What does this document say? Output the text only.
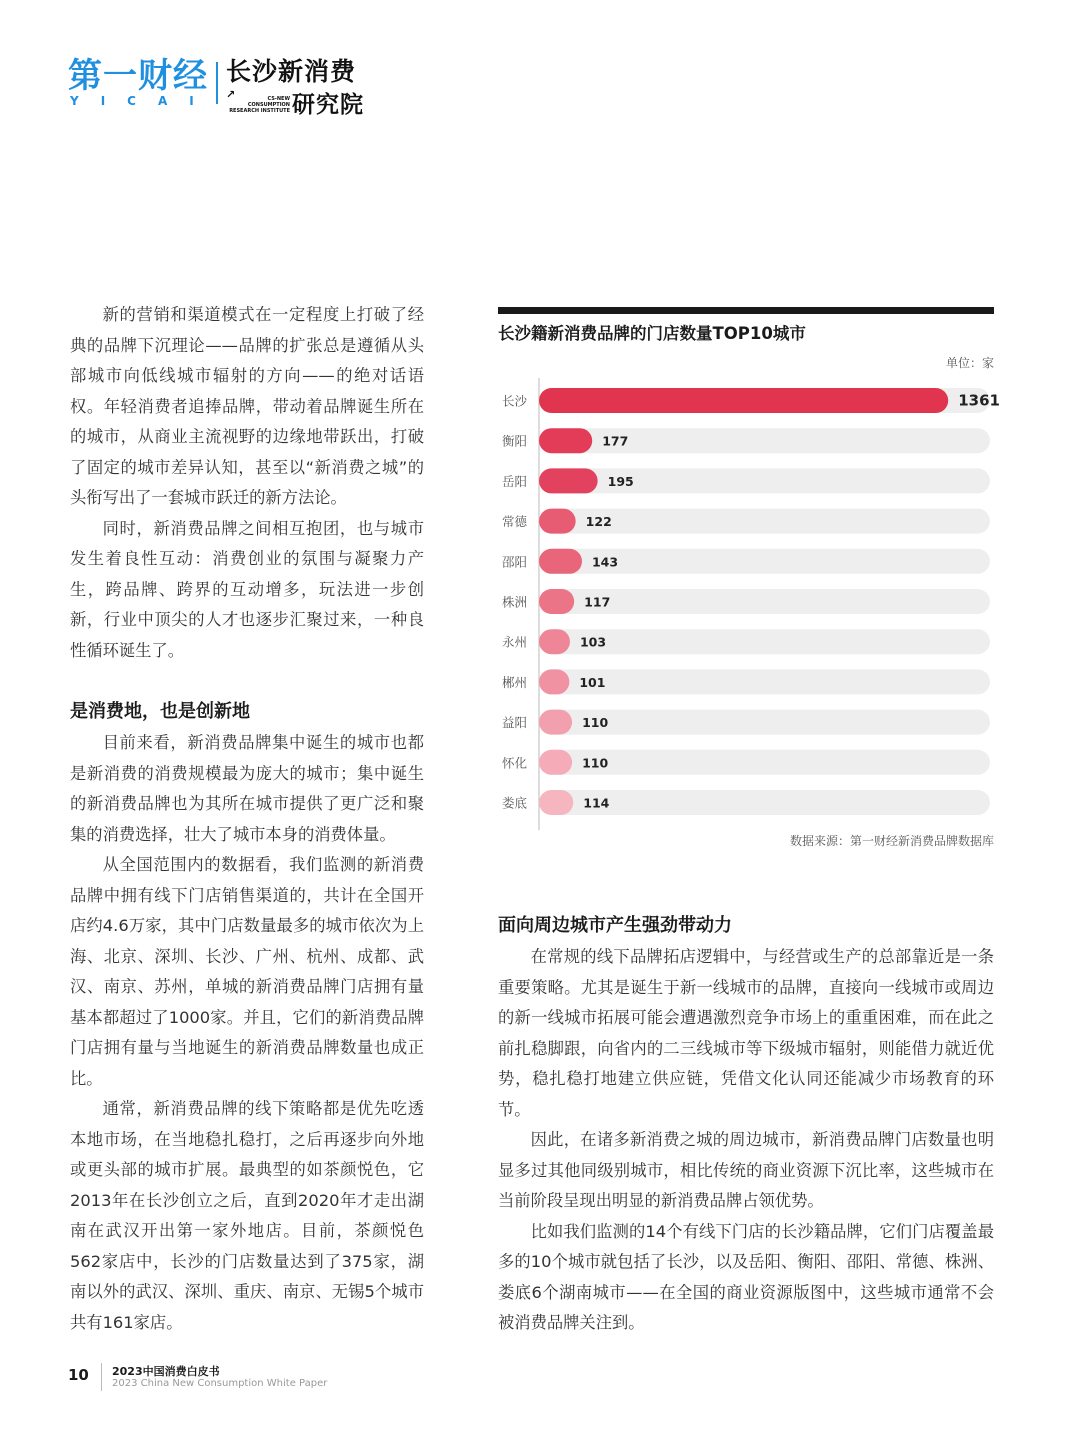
第一财经
YICAI
长沙新消费
↗	CS-NEW CONSUMPTION RESEARCH INSTITUTE 研究院

新的营销和渠道模式在一定程度上打破了经典的品牌下沉理论——品牌的扩张总是遵循从头部城市向低线城市辐射的方向——的绝对话语权。年轻消费者追捧品牌，带动着品牌诞生所在的城市，从商业主流视野的边缘地带跃出，打破了固定的城市差异认知，甚至以“新消费之城”的头衔写出了一套城市跃迁的新方法论。

同时，新消费品牌之间相互抱团，也与城市发生着良性互动：消费创业的氛围与凝聚力产生，跨品牌、跨界的互动增多，玩法进一步创新，行业中顶尖的人才也逐步汇聚过来，一种良性循环诞生了。

是消费地，也是创新地

目前来看，新消费品牌集中诞生的城市也都是新消费的消费规模最为庞大的城市；集中诞生的新消费品牌也为其所在城市提供了更广泛和聚集的消费选择，壮大了城市本身的消费体量。

从全国范围内的数据看，我们监测的新消费品牌中拥有线下门店销售渠道的，共计在全国开店约4.6万家，其中门店数量最多的城市依次为上海、北京、深圳、长沙、广州、杭州、成都、武汉、南京、苏州，单城的新消费品牌门店拥有量基本都超过了1000家。并且，它们的新消费品牌门店拥有量与当地诞生的新消费品牌数量也成正比。

通常，新消费品牌的线下策略都是优先吃透本地市场，在当地稳扎稳打，之后再逐步向外地或更头部的城市扩展。最典型的如茶颜悦色，它2013年在长沙创立之后，直到2020年才走出湖南在武汉开出第一家外地店。目前，茶颜悦色562家店中，长沙的门店数量达到了375家，湖南以外的武汉、深圳、重庆、南京、无锡5个城市共有161家店。

长沙籍新消费品牌的门店数量TOP10城市
单位：家
长沙	1361
衡阳	177
岳阳	195
常德	122
邵阳	143
株洲	117
永州	103
郴州	101
益阳	110
怀化	110
娄底	114
数据来源：第一财经新消费品牌数据库
面向周边城市产生强劲带动力

在常规的线下品牌拓店逻辑中，与经营或生产的总部靠近是一条重要策略。尤其是诞生于新一线城市的品牌，直接向一线城市或周边的新一线城市拓展可能会遭遇激烈竞争市场上的重重困难，而在此之前扎稳脚跟，向省内的二三线城市等下级城市辐射，则能借力就近优势，稳扎稳打地建立供应链，凭借文化认同还能减少市场教育的环节。

因此，在诸多新消费之城的周边城市，新消费品牌门店数量也明显多过其他同级别城市，相比传统的商业资源下沉比率，这些城市在当前阶段呈现出明显的新消费品牌占领优势。

比如我们监测的14个有线下门店的长沙籍品牌，它们门店覆盖最多的10个城市就包括了长沙，以及岳阳、衡阳、邵阳、常德、株洲、娄底6个湖南城市——在全国的商业资源版图中，这些城市通常不会被消费品牌关注到。

10 2023中国消费白皮书
2023 China New Consumption White Paper
